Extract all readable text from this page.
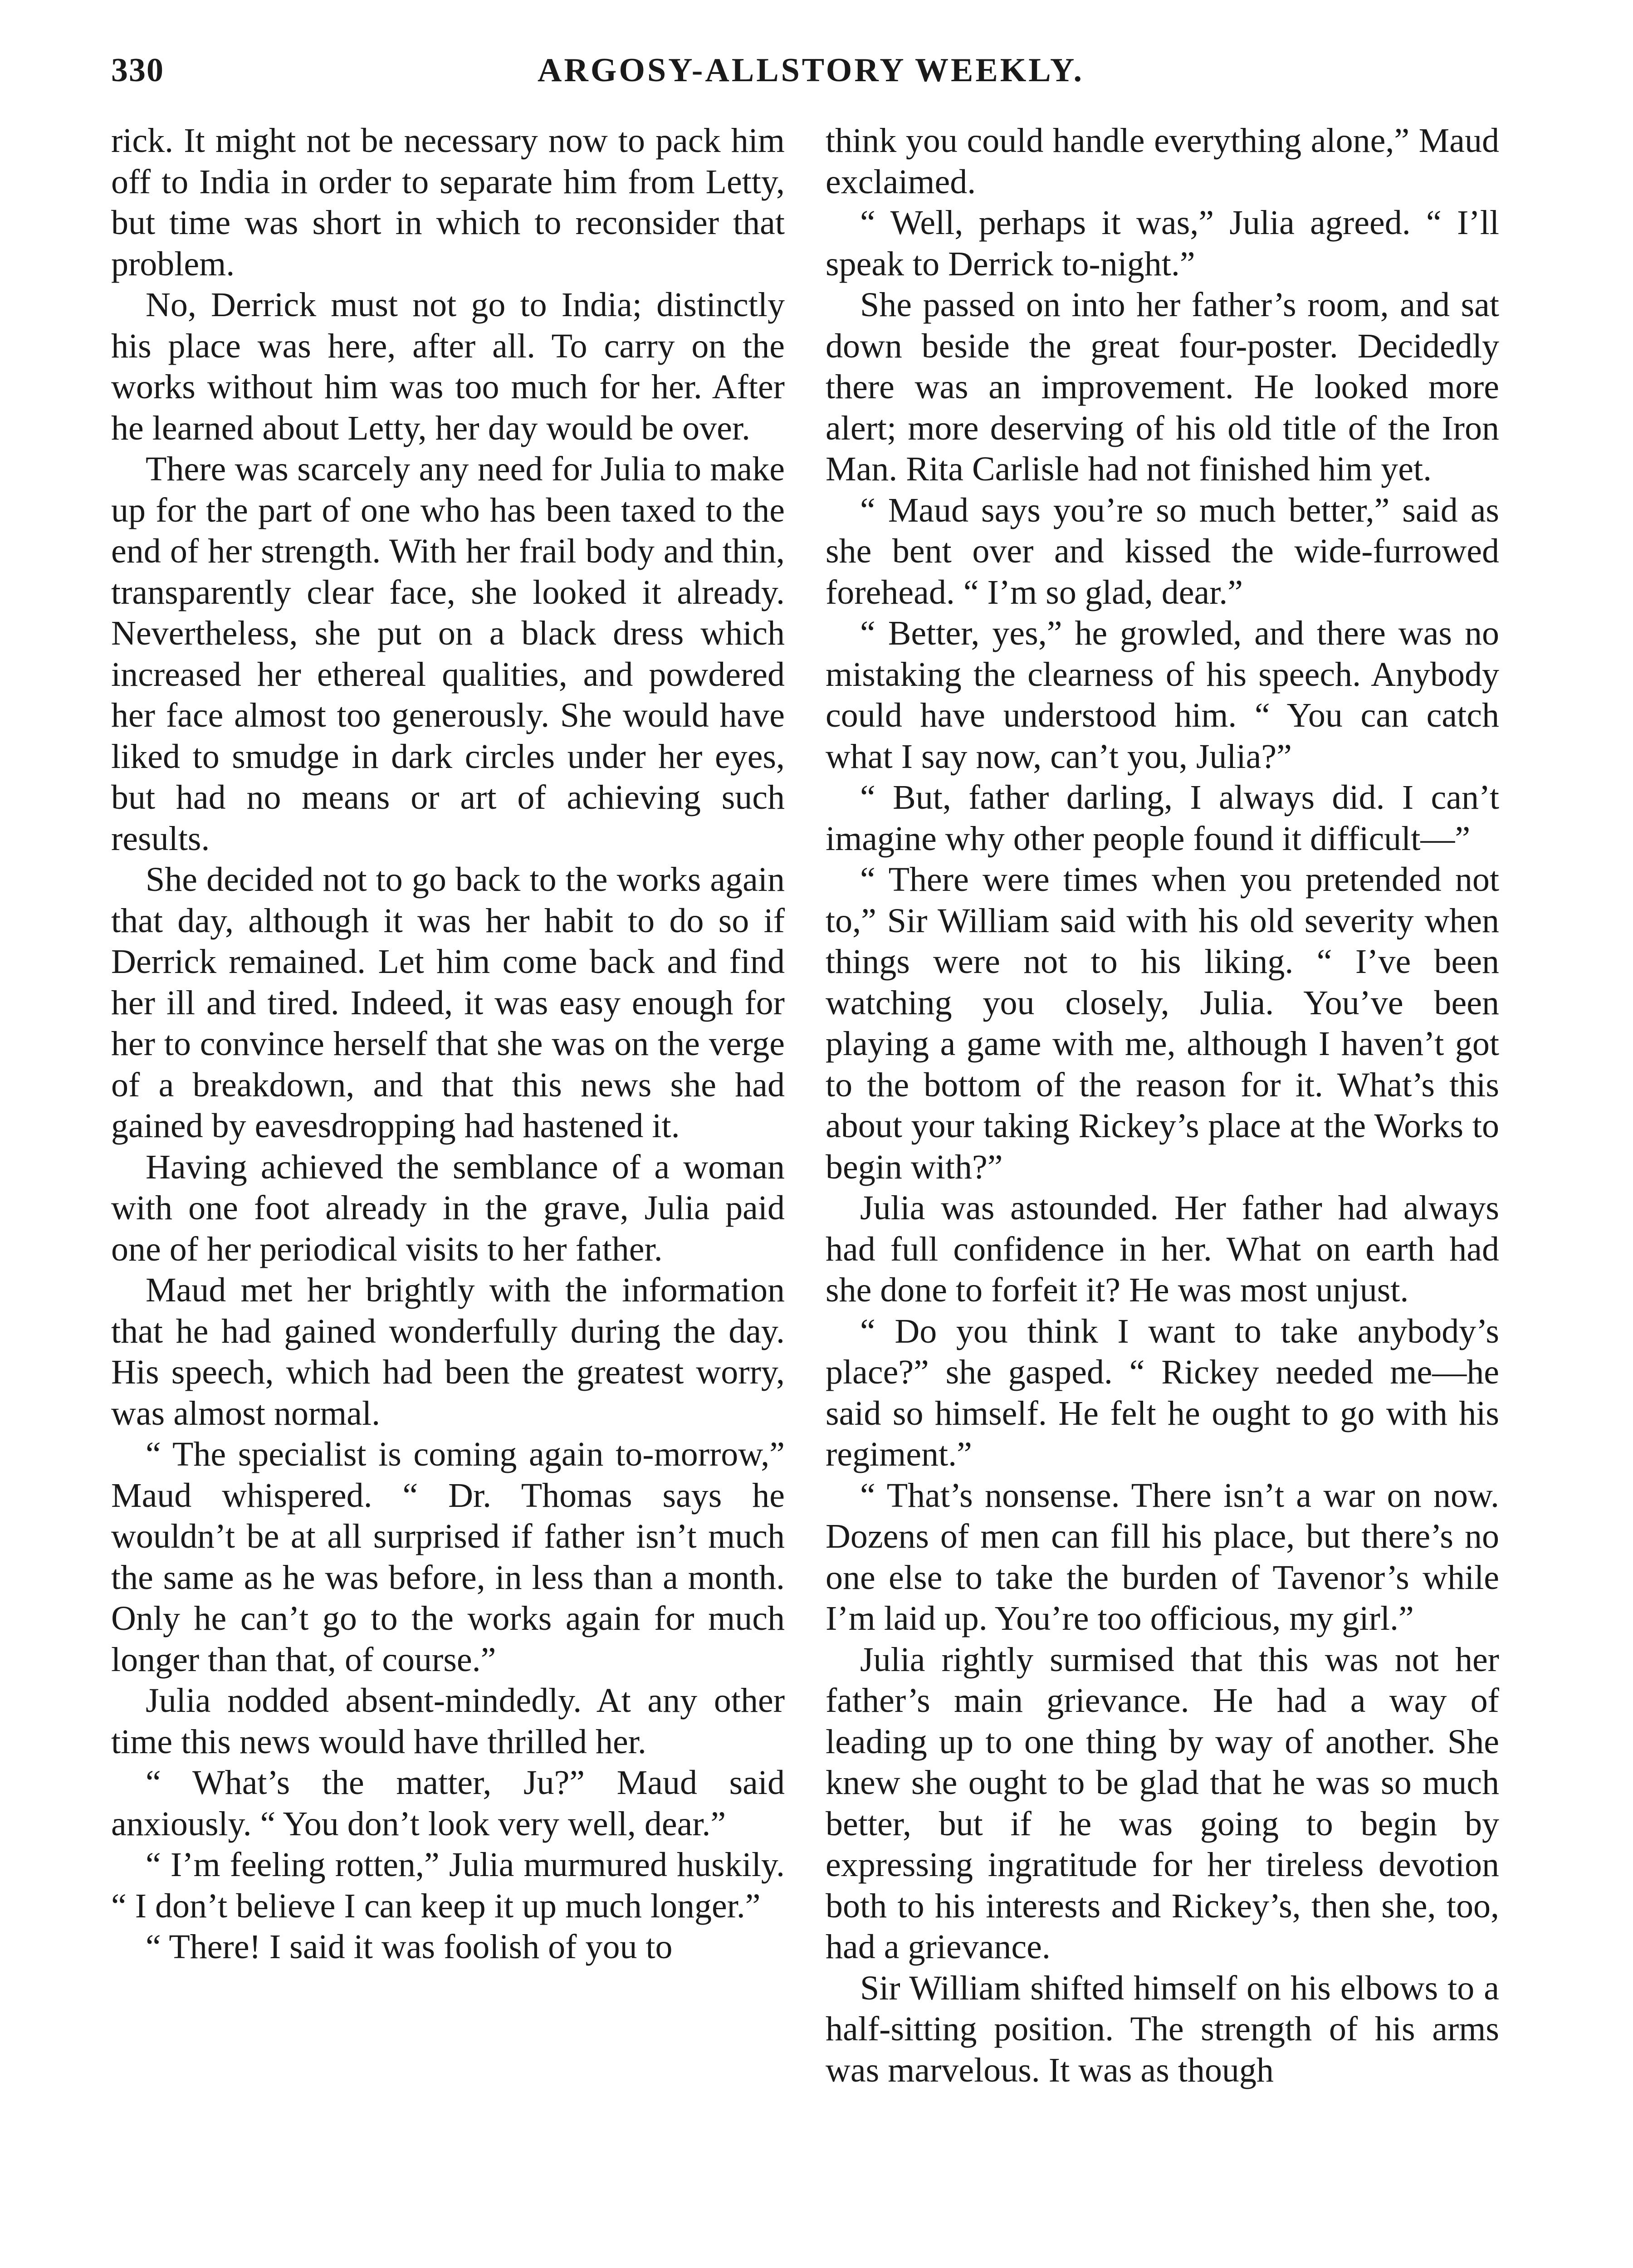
330	ARGOSY-ALLSTORY WEEKLY.

rick. It might not be necessary now to pack him off to India in order to separate him from Letty, but time was short in which to reconsider that problem.

No, Derrick must not go to India; distinctly his place was here, after all. To carry on the works without him was too much for her. After he learned about Letty, her day would be over.

There was scarcely any need for Julia to make up for the part of one who has been taxed to the end of her strength. With her frail body and thin, transparently clear face, she looked it already. Nevertheless, she put on a black dress which increased her ethereal qualities, and powdered her face almost too generously. She would have liked to smudge in dark circles under her eyes, but had no means or art of achieving such results.

She decided not to go back to the works again that day, although it was her habit to do so if Derrick remained. Let him come back and find her ill and tired. Indeed, it was easy enough for her to convince herself that she was on the verge of a breakdown, and that this news she had gained by eavesdropping had hastened it.

Having achieved the semblance of a woman with one foot already in the grave, Julia paid one of her periodical visits to her father.

Maud met her brightly with the information that he had gained wonderfully during the day. His speech, which had been the greatest worry, was almost normal.

“ The specialist is coming again to-morrow,” Maud whispered. “ Dr. Thomas says he wouldn’t be at all surprised if father isn’t much the same as he was before, in less than a month. Only he can’t go to the works again for much longer than that, of course.”

Julia nodded absent-mindedly. At any other time this news would have thrilled her.

“ What’s the matter, Ju?” Maud said anxiously. “ You don’t look very well, dear.”

“ I’m feeling rotten,” Julia murmured huskily. “ I don’t believe I can keep it up much longer.”

“ There! I said it was foolish of you to

think you could handle everything alone,” Maud exclaimed.

“ Well, perhaps it was,” Julia agreed. “ I’ll speak to Derrick to-night.”

She passed on into her father’s room, and sat down beside the great four-poster. Decidedly there was an improvement. He looked more alert; more deserving of his old title of the Iron Man. Rita Carlisle had not finished him yet.

“ Maud says you’re so much better,” said as she bent over and kissed the wide-furrowed forehead. “ I’m so glad, dear.”

“ Better, yes,” he growled, and there was no mistaking the clearness of his speech. Anybody could have understood him. “ You can catch what I say now, can’t you, Julia?”

“ But, father darling, I always did. I can’t imagine why other people found it difficult—”

“ There were times when you pretended not to,” Sir William said with his old severity when things were not to his liking. “ I’ve been watching you closely, Julia. You’ve been playing a game with me, although I haven’t got to the bottom of the reason for it. What’s this about your taking Rickey’s place at the Works to begin with?”

Julia was astounded. Her father had always had full confidence in her. What on earth had she done to forfeit it? He was most unjust.

“ Do you think I want to take anybody’s place?” she gasped. “ Rickey needed me—he said so himself. He felt he ought to go with his regiment.”

“ That’s nonsense. There isn’t a war on now. Dozens of men can fill his place, but there’s no one else to take the burden of Tavenor’s while I’m laid up. You’re too officious, my girl.”

Julia rightly surmised that this was not her father’s main grievance. He had a way of leading up to one thing by way of another. She knew she ought to be glad that he was so much better, but if he was going to begin by expressing ingratitude for her tireless devotion both to his interests and Rickey’s, then she, too, had a grievance.

Sir William shifted himself on his elbows to a half-sitting position. The strength of his arms was marvelous. It was as though
